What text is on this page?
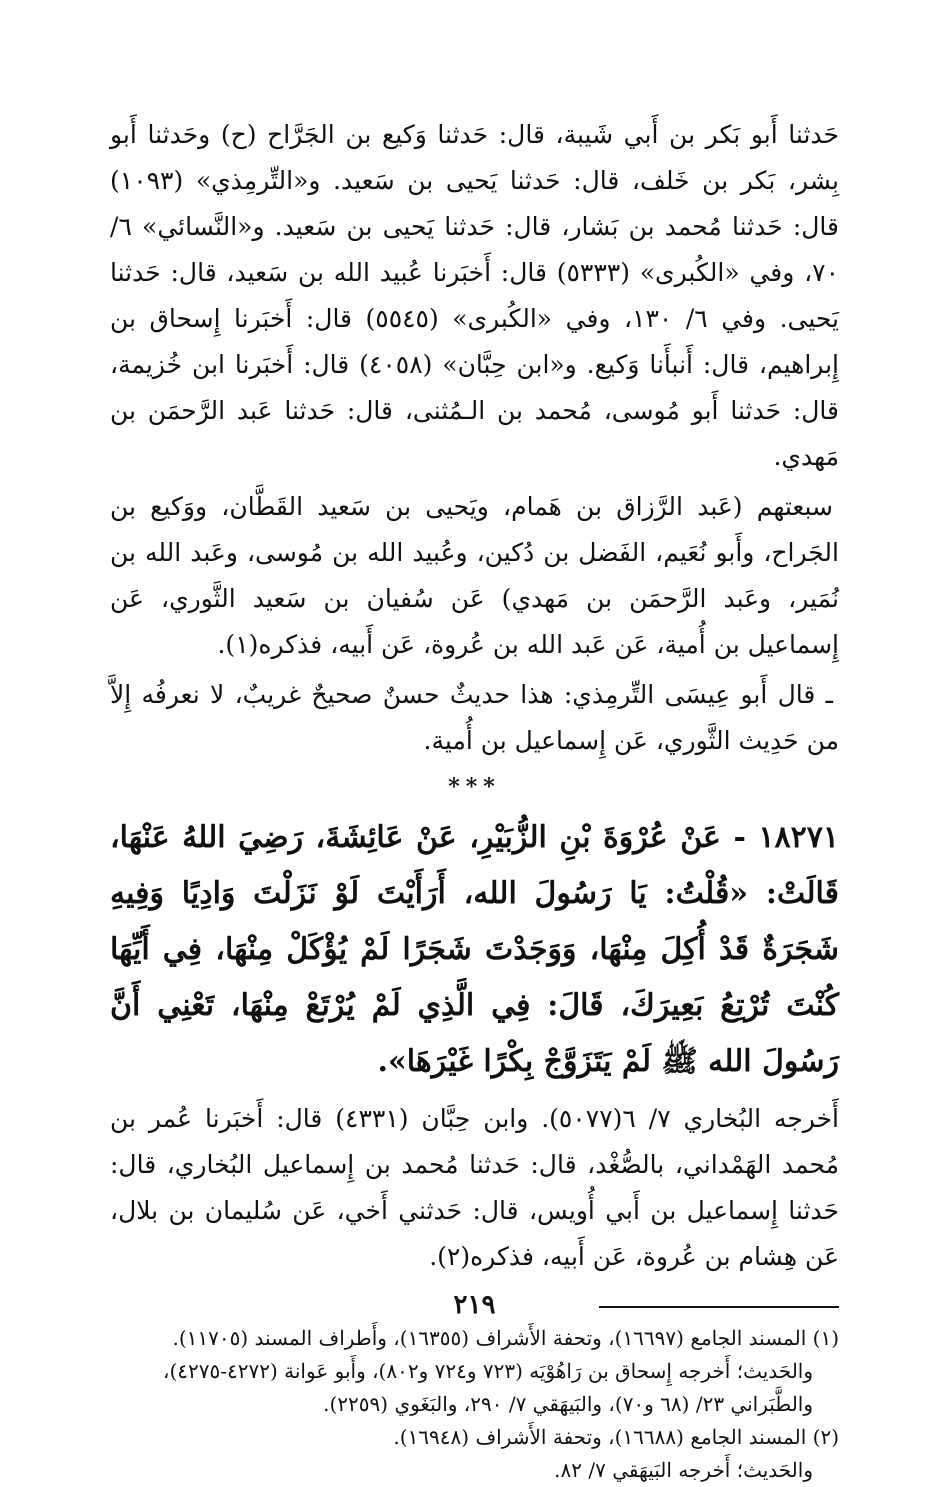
حَدثنا أَبو بَكر بن أَبي شَيبة، قال: حَدثنا وَكيع بن الجَرَّاح (ح) وحَدثنا أَبو بِشر، بَكر بن خَلف، قال: حَدثنا يَحيى بن سَعيد. و«التِّرمِذي» (١٠٩٣) قال: حَدثنا مُحمد بن بَشار، قال: حَدثنا يَحيى بن سَعيد. و«النَّسائي» ٦/ ٧٠، وفي «الكُبرى» (٥٣٣٣) قال: أَخبَرنا عُبيد الله بن سَعيد، قال: حَدثنا يَحيى. وفي ٦/ ١٣٠، وفي «الكُبرى» (٥٥٤٥) قال: أَخبَرنا إِسحاق بن إِبراهيم، قال: أَنبأَنا وَكيع. و«ابن حِبَّان» (٤٠٥٨) قال: أَخبَرنا ابن خُزيمة، قال: حَدثنا أَبو مُوسى، مُحمد بن الـمُثنى، قال: حَدثنا عَبد الرَّحمَن بن مَهدي.

سبعتهم (عَبد الرَّزاق بن هَمام، ويَحيى بن سَعيد القَطَّان، ووَكيع بن الجَراح، وأَبو نُعَيم، الفَضل بن دُكين، وعُبيد الله بن مُوسى، وعَبد الله بن نُمَير، وعَبد الرَّحمَن بن مَهدي) عَن سُفيان بن سَعيد الثَّوري، عَن إِسماعيل بن أُمية، عَن عَبد الله بن عُروة، عَن أَبيه، فذكره(١).

ـ قال أَبو عِيسَى التِّرمِذي: هذا حديثٌ حسنٌ صحيحٌ غريبٌ، لا نعرفُه إِلاَّ من حَدِيث الثَّوري، عَن إِسماعيل بن أُمية.

***

١٨٢٧١ - عَنْ عُرْوَةَ بْنِ الزُّبَيْرِ، عَنْ عَائِشَةَ، رَضِيَ اللهُ عَنْهَا، قَالَتْ: «قُلْتُ: يَا رَسُولَ الله، أَرَأَيْتَ لَوْ نَزَلْتَ وَادِيًا وَفِيهِ شَجَرَةٌ قَدْ أُكِلَ مِنْهَا، وَوَجَدْتَ شَجَرًا لَمْ يُؤْكَلْ مِنْهَا، فِي أَيِّهَا كُنْتَ تُرْتِعُ بَعِيرَكَ، قَالَ: فِي الَّذِي لَمْ يُرْتَعْ مِنْهَا، تَعْنِي أَنَّ رَسُولَ الله ﷺ لَمْ يَتَزَوَّجْ بِكْرًا غَيْرَهَا».

أَخرجه البُخاري ٧/ ٦(٥٠٧٧). وابن حِبَّان (٤٣٣١) قال: أَخبَرنا عُمر بن مُحمد الهَمْداني، بالصُّغْد، قال: حَدثنا مُحمد بن إِسماعيل البُخاري، قال: حَدثنا إِسماعيل بن أَبي أُويس، قال: حَدثني أَخي، عَن سُليمان بن بلال، عَن هِشام بن عُروة، عَن أَبيه، فذكره(٢).

(١) المسند الجامع (١٦٦٩٧)، وتحفة الأَشراف (١٦٣٥٥)، وأَطراف المسند (١١٧٠٥).

والحَديث؛ أَخرجه إِسحاق بن رَاهُوْيَه (٧٢٣ و٧٢٤ و٨٠٢)، وأَبو عَوانة (٤٢٧٢-٤٢٧٥)، والطَّبَراني ٢٣/ (٦٨ و٧٠)، والبَيهَقي ٧/ ٢٩٠، والبَغَوي (٢٢٥٩).

(٢) المسند الجامع (١٦٦٨٨)، وتحفة الأَشراف (١٦٩٤٨).

والحَديث؛ أَخرجه البَيهَقي ٧/ ٨٢.

٢١٩
